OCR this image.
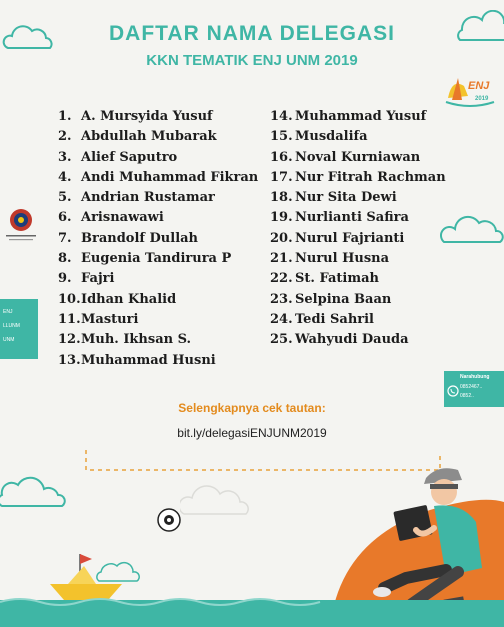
DAFTAR NAMA DELEGASI
KKN TEMATIK ENJ UNM 2019
ENJ
2019
1. A. Mursyida Yusuf
2. Abdullah Mubarak
3. Alief Saputro
4. Andi Muhammad Fikran
5. Andrian Rustamar
6. Arisnawawi
7. Brandolf Dullah
8. Eugenia Tandirura P
9. Fajri
10.Idhan Khalid
11.Masturi
12.Muh. Ikhsan S.
13.Muhammad Husni
14. Muhammad Yusuf
15. Musdalifa
16. Noval Kurniawan
17. Nur Fitrah Rachman
18. Nur Sita Dewi
19. Nurlianti Safira
20. Nurul Fajrianti
21. Nurul Husna
22. St. Fatimah
23. Selpina Baan
24. Tedi Sahril
25. Wahyudi Dauda
ENJ
LLUNM
UNM
Narahubung
0852467..
0852..
Selengkapnya cek tautan:
bit.ly/delegasiENJUNM2019
